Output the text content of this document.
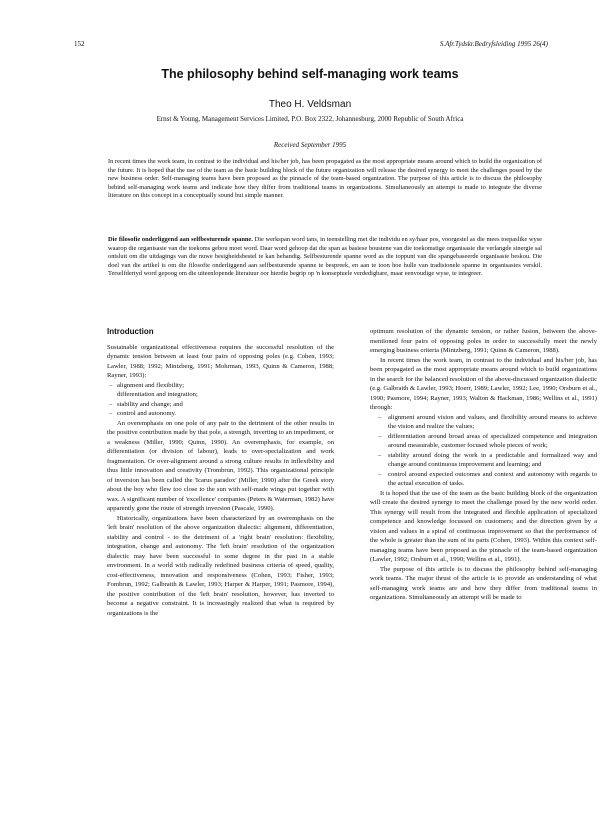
152	S.Afr.Tydskr.Bedryfsleiding 1995 26(4)
The philosophy behind self-managing work teams
Theo H. Veldsman
Ernst & Young, Management Services Limited, P.O. Box 2322, Johannesburg, 2000 Republic of South Africa
Received September 1995

In recent times the work team, in contrast to the individual and his/her job, has been propagated as the most appropriate means around which to build the organization of the future. It is hoped that the use of the team as the basic building block of the future organization will release the desired synergy to meet the challenges posed by the new business order. Self-managing teams have been proposed as the pinnacle of the team-based organization. The purpose of this article is to discuss the philosophy behind self-managing work teams and indicate how they differ from traditional teams in organizations. Simultaneously an attempt is made to integrate the diverse literature on this concept in a conceptually sound but simple manner.

Die filosofie onderliggend aan selfbesturende spanne. Die werkspan word tans, in teenstelling met die individu en sy/haar pos, voorgestel as die mees toepaslike wyse waarop die organisasie van die toekoms gebou moet word. Daar word gehoop dat die span as basiese boustene van die toekomstige organisasie die verlangde sinergie sal ontsluit om die uitdagings van die nuwe besigheidsbestel te kan behandig. Selfbesturende spanne word as die toppunt van die spangebaseerde organisasie beskou. Die doel van die artikel is om die filosofie onderliggend aan selfbesturende spanne te bespreek, en aan te toon hoe hulle van tradisionele spanne in organisasies verskil. Terselfdertyd word gepoog om die uiteenlopende literatuur oor hierdie begrip op 'n konseptuele verdedigbare, maar eenvoudige wyse, te integreer.

Introduction

Sustainable organizational effectiveness requires the successful resolution of the dynamic tension between at least four pairs of opposing poles (e.g. Cohen, 1993; Lawler, 1988; 1992; Mintzberg, 1991; Mohrman, 1993, Quinn & Cameron, 1988; Rayner, 1993):

– alignment and flexibility;
differentiation and integration;
– stability and change; and
– control and autonomy.

An overemphasis on one pole of any pair to the detriment of the other results in the positive contribution made by that pole, a strength, inverting to an impediment, or a weakness (Miller, 1990; Quinn, 1990). An overemphasis, for example, on differentiation (or division of labour), leads to over-specialization and work fragmentation. Or over-alignment around a strong culture results in inflexibility and thus little innovation and creativity (Trombrun, 1992). This organizational principle of inversion has been called the 'Icarus paradox' (Miller, 1990) after the Greek story about the boy who flew too close to the sun with self-made wings put together with wax. A significant number of 'excellence' companies (Peters & Waterman, 1982) have apparently gone the route of strength inversion (Pascale, 1990).

Historically, organizations have been characterized by an overemphasis on the 'left brain' resolution of the above organization dialectic: alignment, differentiation, stability and control - to the detriment of a 'right brain' resolution: flexibility, integration, change and autonomy. The 'left brain' resolution of the organization dialectic may have been successful to some degree in the past in a stable environment. In a world with radically redefined business criteria of speed, quality, cost-effectiveness, innovation and responsiveness (Cohen, 1993; Fisher, 1993; Fombrun, 1992; Galbraith & Lawler, 1993; Harper & Harper, 1991; Pasmore, 1994), the positive contribution of the 'left brain' resolution, however, has inverted to become a negative constraint. It is increasingly realized that what is required by organizations is the

optimum resolution of the dynamic tension, or rather fusion, between the above-mentioned four pairs of opposing poles in order to successfully meet the newly emerging business criteria (Mintzberg, 1991; Quinn & Cameron, 1988).

In recent times the work team, in contrast to the individual and his/her job, has been propagated as the most appropriate means around which to build organizations in the search for the balanced resolution of the above-discussed organization dialectic (e.g. Galbraith & Lawler, 1993; Hoerr, 1989; Lawler, 1992; Lee, 1990; Orsburn et al., 1990; Pasmore, 1994; Rayner, 1993; Walton & Hackman, 1986; Wellins et al., 1991) through:

– alignment around vision and values, and flexibility around means to achieve the vision and realize the values;
– differentiation around broad areas of specialized competence and integration around measurable, customer focused whole pieces of work;
– stability around doing the work in a predictable and formalized way and change around continuous improvement and learning; and
– control around expected outcomes and context and autonomy with regards to the actual execution of tasks.

It is hoped that the use of the team as the basic building block of the organization will create the desired synergy to meet the challenge posed by the new world order. This synergy will result from the integrated and flexible application of specialized competence and knowledge focussed on customers; and the direction given by a vision and values in a spiral of continuous improvement so that the performance of the whole is greater than the sum of its parts (Cohen, 1993). Within this context self-managing teams have been proposed as the pinnacle of the team-based organization (Lawler, 1992; Orsburn et al., 1990; Wellins et al., 1991).

The purpose of this article is to discuss the philosophy behind self-managing work teams. The major thrust of the article is to provide an understanding of what self-managing work teams are and how they differ from traditional teams in organizations. Simultaneously an attempt will be made to
